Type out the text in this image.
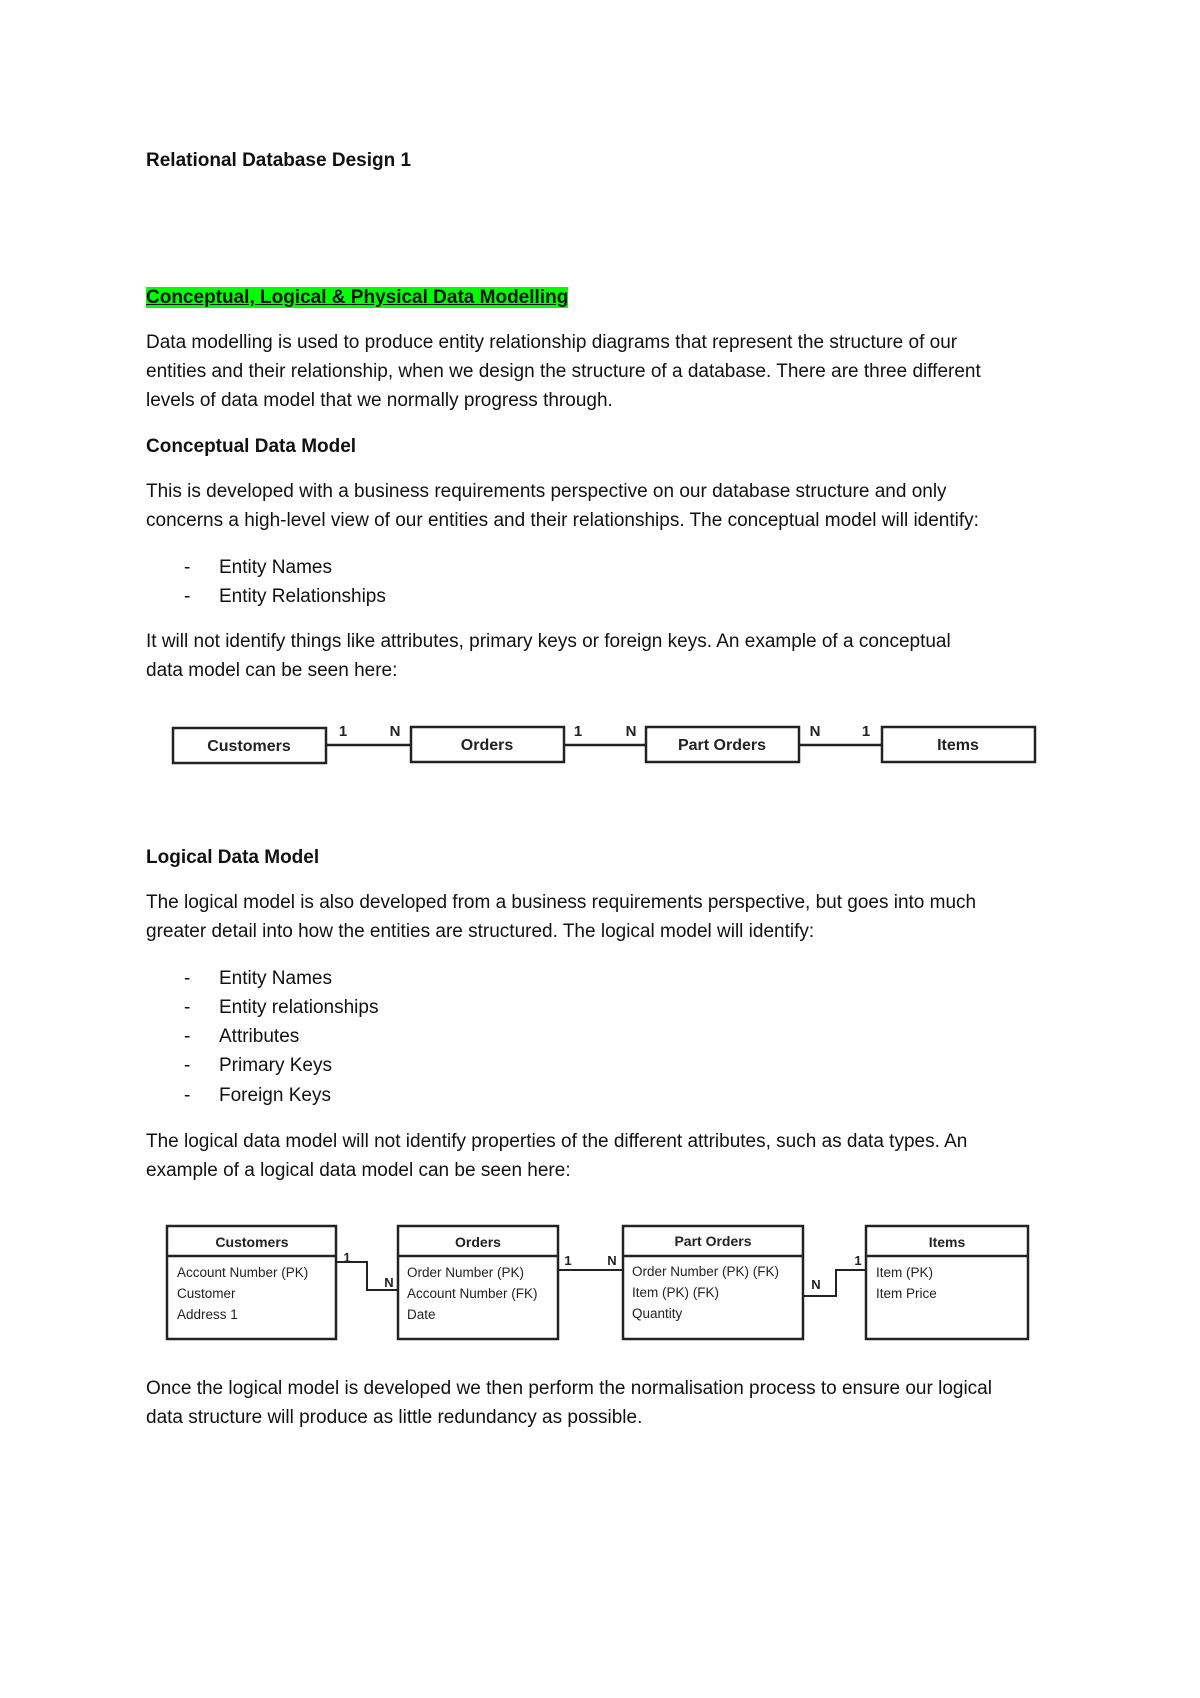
Relational Database Design 1
Conceptual, Logical & Physical Data Modelling
Data modelling is used to produce entity relationship diagrams that represent the structure of our
entities and their relationship, when we design the structure of a database. There are three different
levels of data model that we normally progress through.
Conceptual Data Model
This is developed with a business requirements perspective on our database structure and only
concerns a high-level view of our entities and their relationships. The conceptual model will identify:
- Entity Names
- Entity Relationships
It will not identify things like attributes, primary keys or foreign keys. An example of a conceptual
data model can be seen here:
Customers	Orders	Part Orders	Items
1	N	1	N	N	1
Logical Data Model
The logical model is also developed from a business requirements perspective, but goes into much
greater detail into how the entities are structured. The logical model will identify:
- Entity Names
- Entity relationships
- Attributes
- Primary Keys
- Foreign Keys
The logical data model will not identify properties of the different attributes, such as data types. An
example of a logical data model can be seen here:
Customers	Orders	Part Orders	Items
Account Number (PK)
Customer
Address 1
Order Number (PK)
Account Number (FK)
Date
Order Number (PK) (FK)
Item (PK) (FK)
Quantity
Item (PK)
Item Price
1
N
1	N
N
1
Once the logical model is developed we then perform the normalisation process to ensure our logical
data structure will produce as little redundancy as possible.
